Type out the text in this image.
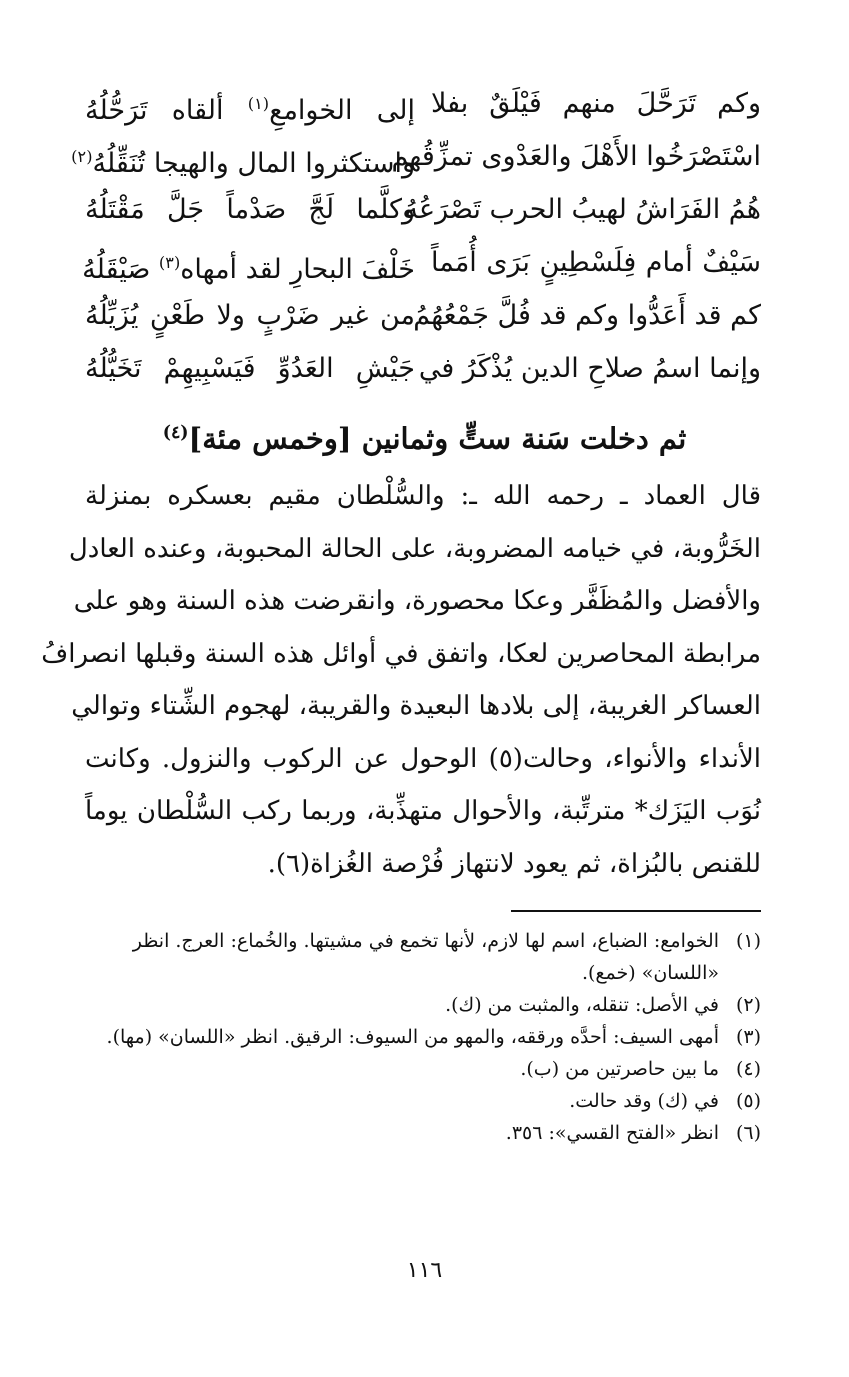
وكم تَرَحَّلَ منهم فَيْلَقٌ بفلا
إلى الخوامعِ$^{(١)}$ ألقاه تَرَحُّلُهُ
اسْتَصْرَخُوا الأَهْلَ والعَدْوى تمزِّقُهم
واستكثروا المال والهيجا تُنَقِّلُهُ$^{(٢)}$
هُمُ الفَرَاشُ لهيبُ الحرب تَصْرَعُهُ
وكلَّما لَجَّ صَدْماً جَلَّ مَقْتَلُهُ
سَيْفٌ أمام فِلَسْطِينٍ بَرَى أُمَماً
خَلْفَ البحارِ لقد أمهاه$^{(٣)}$ صَيْقَلُهُ
كم قد أَعَدُّوا وكم قد فُلَّ جَمْعُهُمُ
من غير ضَرْبٍ ولا طَعْنٍ يُزَيِّلُهُ
وإنما اسمُ صلاحِ الدين يُذْكَرُ في
جَيْشِ العَدُوِّ فَيَسْبِيهِمْ تَخَيُّلُهُ
ثم دخلت سَنة ستٍّ وثمانين [وخمس مئة]$^{(٤)}$
قال العماد ـ رحمه الله ـ: والسُّلْطان مقيم بعسكره بمنزلة
الخَرُّوبة، في خيامه المضروبة، على الحالة المحبوبة، وعنده العادل
والأفضل والمُظَفَّر وعكا محصورة، وانقرضت هذه السنة وهو على
مرابطة المحاصرين لعكا، واتفق في أوائل هذه السنة وقبلها انصرافُ
العساكر الغريبة، إلى بلادها البعيدة والقريبة، لهجوم الشِّتاء وتوالي
الأنداء والأنواء، وحالت(٥) الوحول عن الركوب والنزول. وكانت
نُوَب اليَزَك* مترتِّبة، والأحوال متهذِّبة، وربما ركب السُّلْطان يوماً
للقنص بالبُزاة، ثم يعود لانتهاز فُرْصة الغُزاة(٦).
(١)
الخوامع: الضباع، اسم لها لازم، لأنها تخمع في مشيتها. والخُماع: العرج. انظر «اللسان» (خمع).
(٢)
في الأصل: تنقله، والمثبت من (ك).
(٣)
أمهى السيف: أحدَّه ورققه، والمهو من السيوف: الرقيق. انظر «اللسان» (مها).
(٤)
ما بين حاصرتين من (ب).
(٥)
في (ك) وقد حالت.
(٦)
انظر «الفتح القسي»: ٣٥٦.
١١٦
